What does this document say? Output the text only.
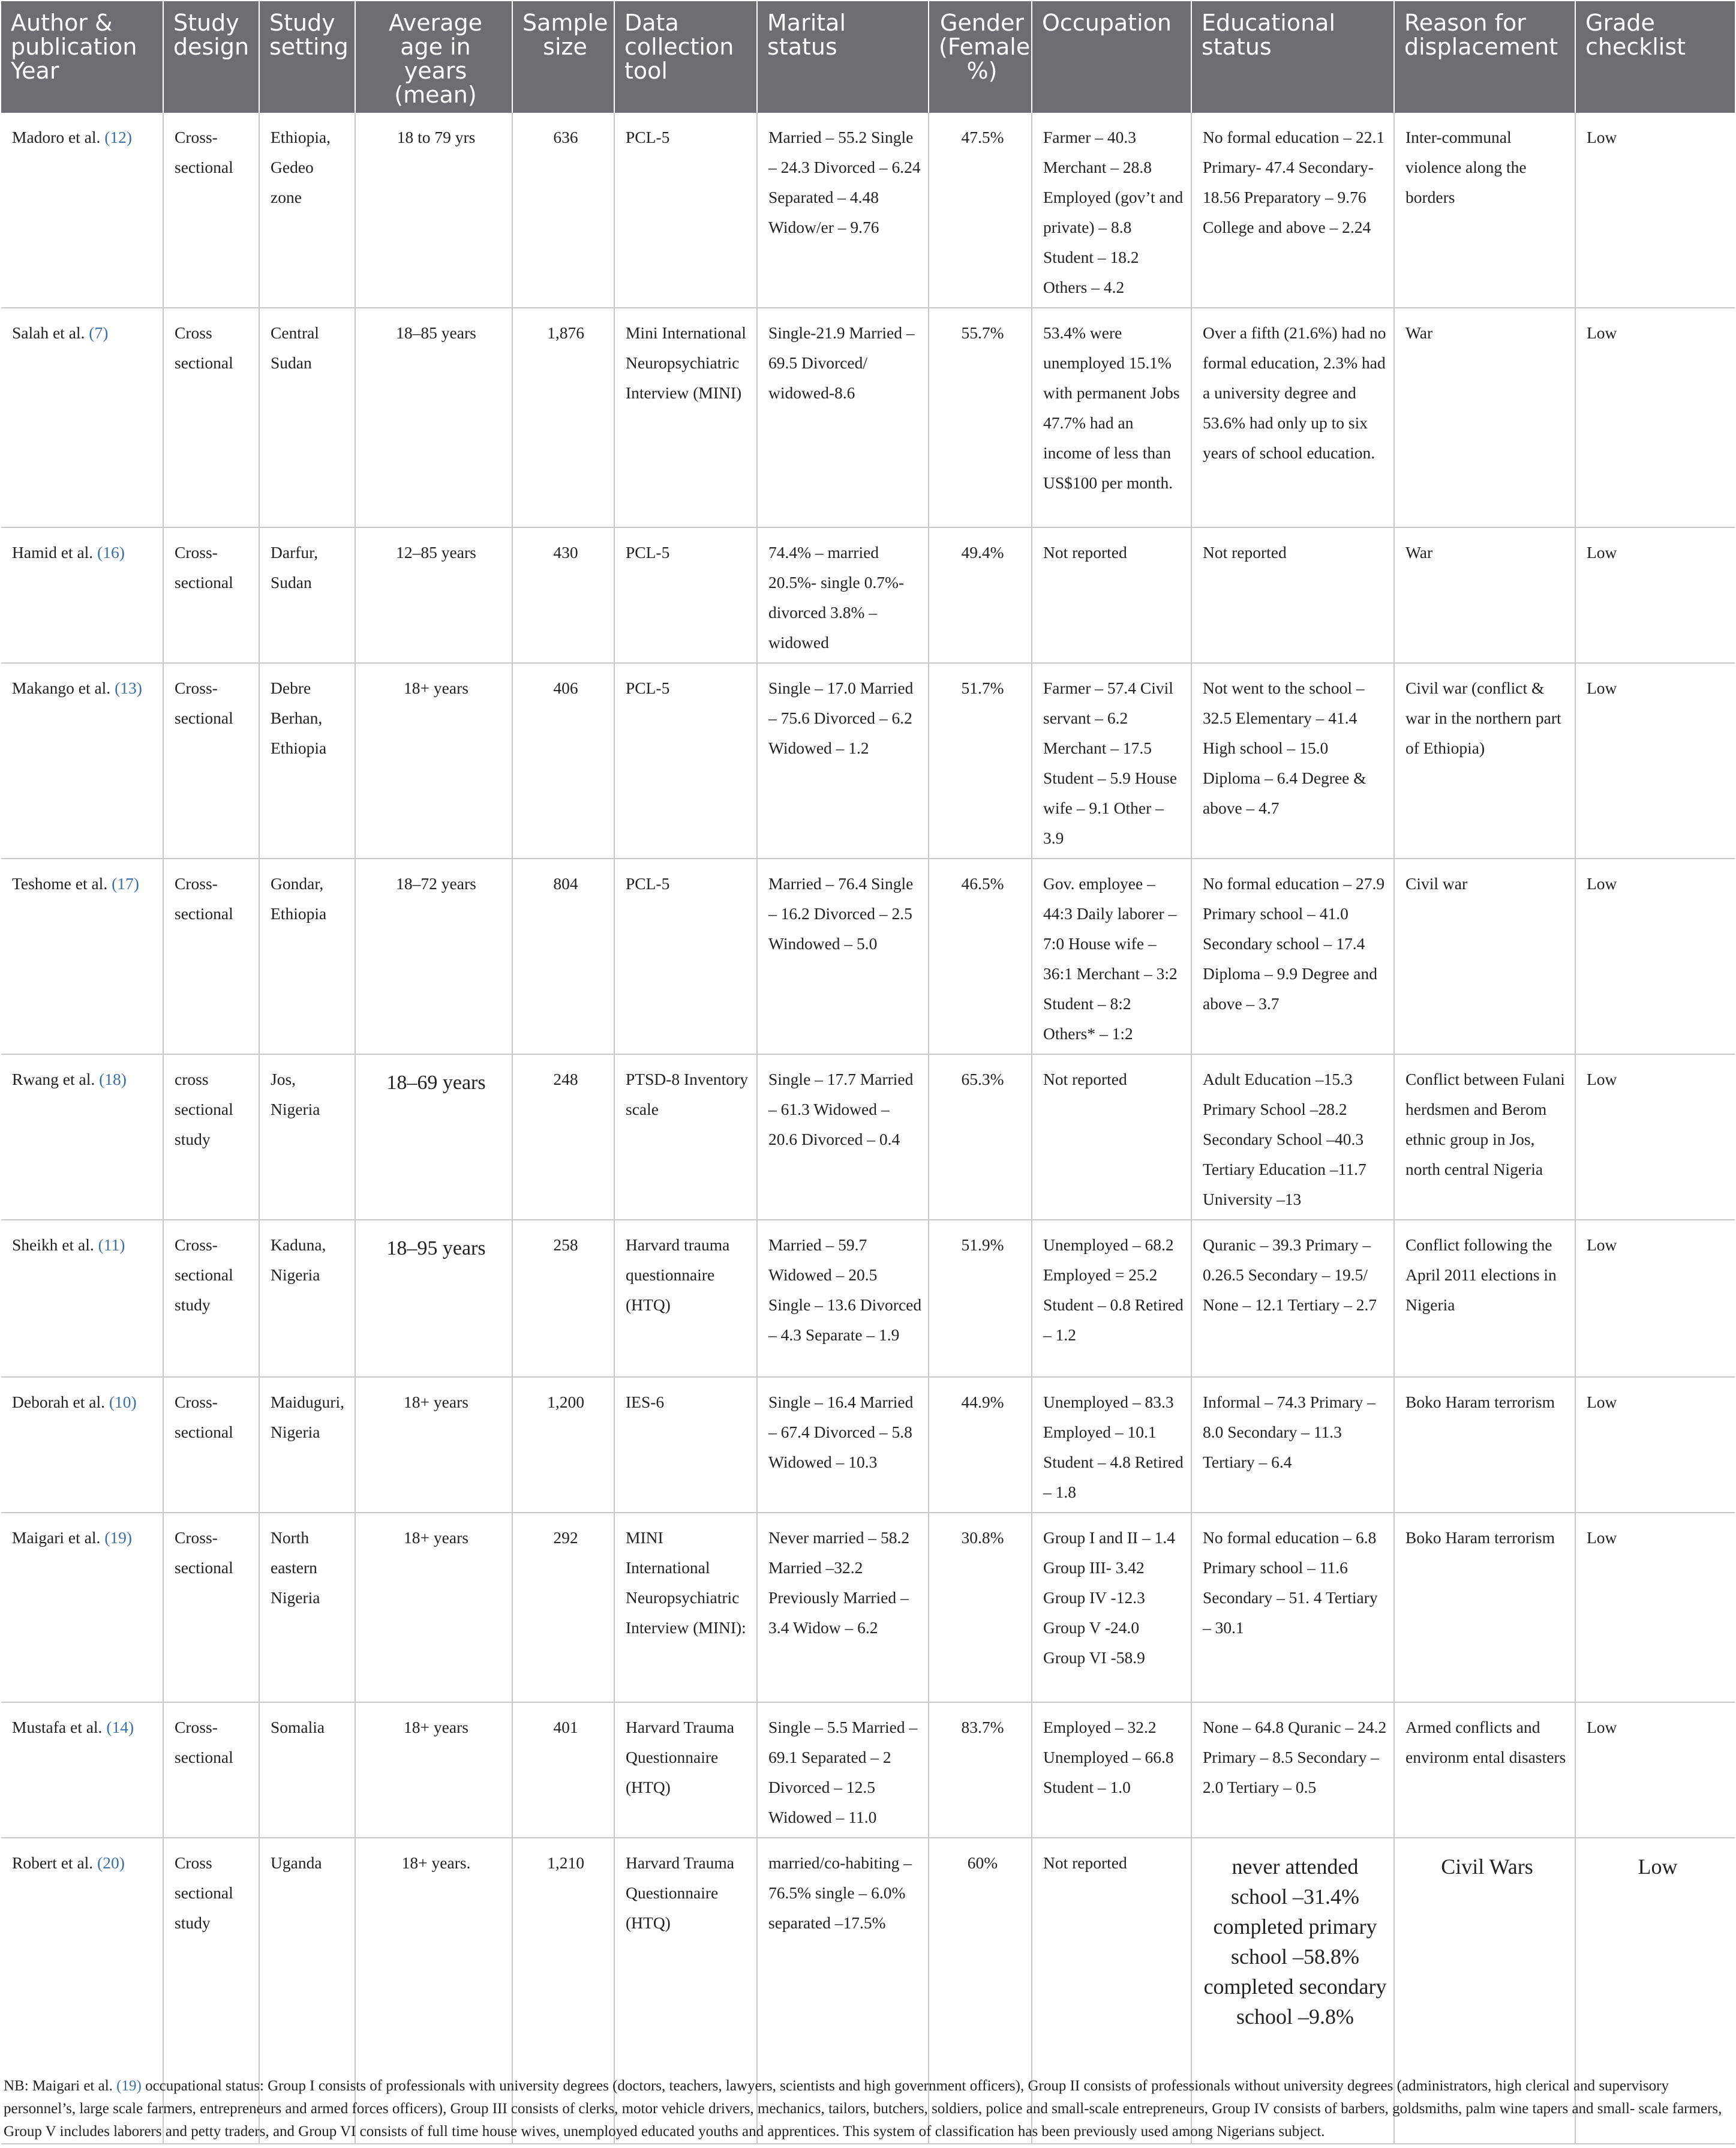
Author & publication Year	Study design	Study setting	Average age in years (mean)	Sample size	Data collection tool	Marital status	Gender (Female %)	Occupation	Educational status	Reason for displacement	Grade checklist
Madoro et al. (12)	Cross-sectional	Ethiopia, Gedeo zone	18 to 79 yrs	636	PCL-5	Married – 55.2 Single – 24.3 Divorced – 6.24 Separated – 4.48 Widow/er – 9.76	47.5%	Farmer – 40.3 Merchant – 28.8 Employed (gov’t and private) – 8.8 Student – 18.2 Others – 4.2	No formal education – 22.1 Primary- 47.4 Secondary- 18.56 Preparatory – 9.76 College and above – 2.24	Inter-communal violence along the borders	Low
Salah et al. (7)	Cross sectional	Central Sudan	18–85 years	1,876	Mini International Neuropsychiatric Interview (MINI)	Single-21.9 Married – 69.5 Divorced/ widowed-8.6	55.7%	53.4% were unemployed 15.1% with permanent Jobs 47.7% had an income of less than US$100 per month.	Over a fifth (21.6%) had no formal education, 2.3% had a university degree and 53.6% had only up to six years of school education.	War	Low
Hamid et al. (16)	Cross-sectional	Darfur, Sudan	12–85 years	430	PCL-5	74.4% – married 20.5%- single 0.7%- divorced 3.8% – widowed	49.4%	Not reported	Not reported	War	Low
Makango et al. (13)	Cross-sectional	Debre Berhan, Ethiopia	18+ years	406	PCL-5	Single – 17.0 Married – 75.6 Divorced – 6.2 Widowed – 1.2	51.7%	Farmer – 57.4 Civil servant – 6.2 Merchant – 17.5 Student – 5.9 House wife – 9.1 Other – 3.9	Not went to the school – 32.5 Elementary – 41.4 High school – 15.0 Diploma – 6.4 Degree & above – 4.7	Civil war (conflict & war in the northern part of Ethiopia)	Low
Teshome et al. (17)	Cross-sectional	Gondar, Ethiopia	18–72 years	804	PCL-5	Married – 76.4 Single – 16.2 Divorced – 2.5 Windowed – 5.0	46.5%	Gov. employee – 44:3 Daily laborer – 7:0 House wife – 36:1 Merchant – 3:2 Student – 8:2 Others* – 1:2	No formal education – 27.9 Primary school – 41.0 Secondary school – 17.4 Diploma – 9.9 Degree and above – 3.7	Civil war	Low
Rwang et al. (18)	cross sectional study	Jos, Nigeria	18–69 years	248	PTSD-8 Inventory scale	Single – 17.7 Married – 61.3 Widowed – 20.6 Divorced – 0.4	65.3%	Not reported	Adult Education –15.3 Primary School –28.2 Secondary School –40.3 Tertiary Education –11.7 University –13	Conflict between Fulani herdsmen and Berom ethnic group in Jos, north central Nigeria	Low
Sheikh et al. (11)	Cross-sectional study	Kaduna, Nigeria	18–95 years	258	Harvard trauma questionnaire (HTQ)	Married – 59.7 Widowed – 20.5 Single – 13.6 Divorced – 4.3 Separate – 1.9	51.9%	Unemployed – 68.2 Employed = 25.2 Student – 0.8 Retired – 1.2	Quranic – 39.3 Primary – 0.26.5 Secondary – 19.5/ None – 12.1 Tertiary – 2.7	Conflict following the April 2011 elections in Nigeria	Low
Deborah et al. (10)	Cross-sectional	Maiduguri, Nigeria	18+ years	1,200	IES-6	Single – 16.4 Married – 67.4 Divorced – 5.8 Widowed – 10.3	44.9%	Unemployed – 83.3 Employed – 10.1 Student – 4.8 Retired – 1.8	Informal – 74.3 Primary – 8.0 Secondary – 11.3 Tertiary – 6.4	Boko Haram terrorism	Low
Maigari et al. (19)	Cross-sectional	North eastern Nigeria	18+ years	292	MINI International Neuropsychiatric Interview (MINI):	Never married – 58.2 Married –32.2 Previously Married –3.4 Widow – 6.2	30.8%	Group I and II – 1.4 Group III- 3.42 Group IV -12.3 Group V -24.0 Group VI -58.9	No formal education – 6.8 Primary school – 11.6 Secondary – 51. 4 Tertiary – 30.1	Boko Haram terrorism	Low
Mustafa et al. (14)	Cross-sectional	Somalia	18+ years	401	Harvard Trauma Questionnaire (HTQ)	Single – 5.5 Married – 69.1 Separated – 2 Divorced – 12.5 Widowed – 11.0	83.7%	Employed – 32.2 Unemployed – 66.8 Student – 1.0	None – 64.8 Quranic – 24.2 Primary – 8.5 Secondary – 2.0 Tertiary – 0.5	Armed conflicts and environm ental disasters	Low
Robert et al. (20)	Cross sectional study	Uganda	18+ years.	1,210	Harvard Trauma Questionnaire (HTQ)	married/co-habiting –76.5% single – 6.0% separated –17.5%	60%	Not reported	never attended school –31.4% completed primary school –58.8% completed secondary school –9.8%	Civil Wars	Low
NB: Maigari et al. (19) occupational status: Group I consists of professionals with university degrees (doctors, teachers, lawyers, scientists and high government officers), Group II consists of professionals without university degrees (administrators, high clerical and supervisory personnel’s, large scale farmers, entrepreneurs and armed forces officers), Group III consists of clerks, motor vehicle drivers, mechanics, tailors, butchers, soldiers, police and small-scale entrepreneurs, Group IV consists of barbers, goldsmiths, palm wine tapers and small- scale farmers, Group V includes laborers and petty traders, and Group VI consists of full time house wives, unemployed educated youths and apprentices. This system of classification has been previously used among Nigerians subject.
